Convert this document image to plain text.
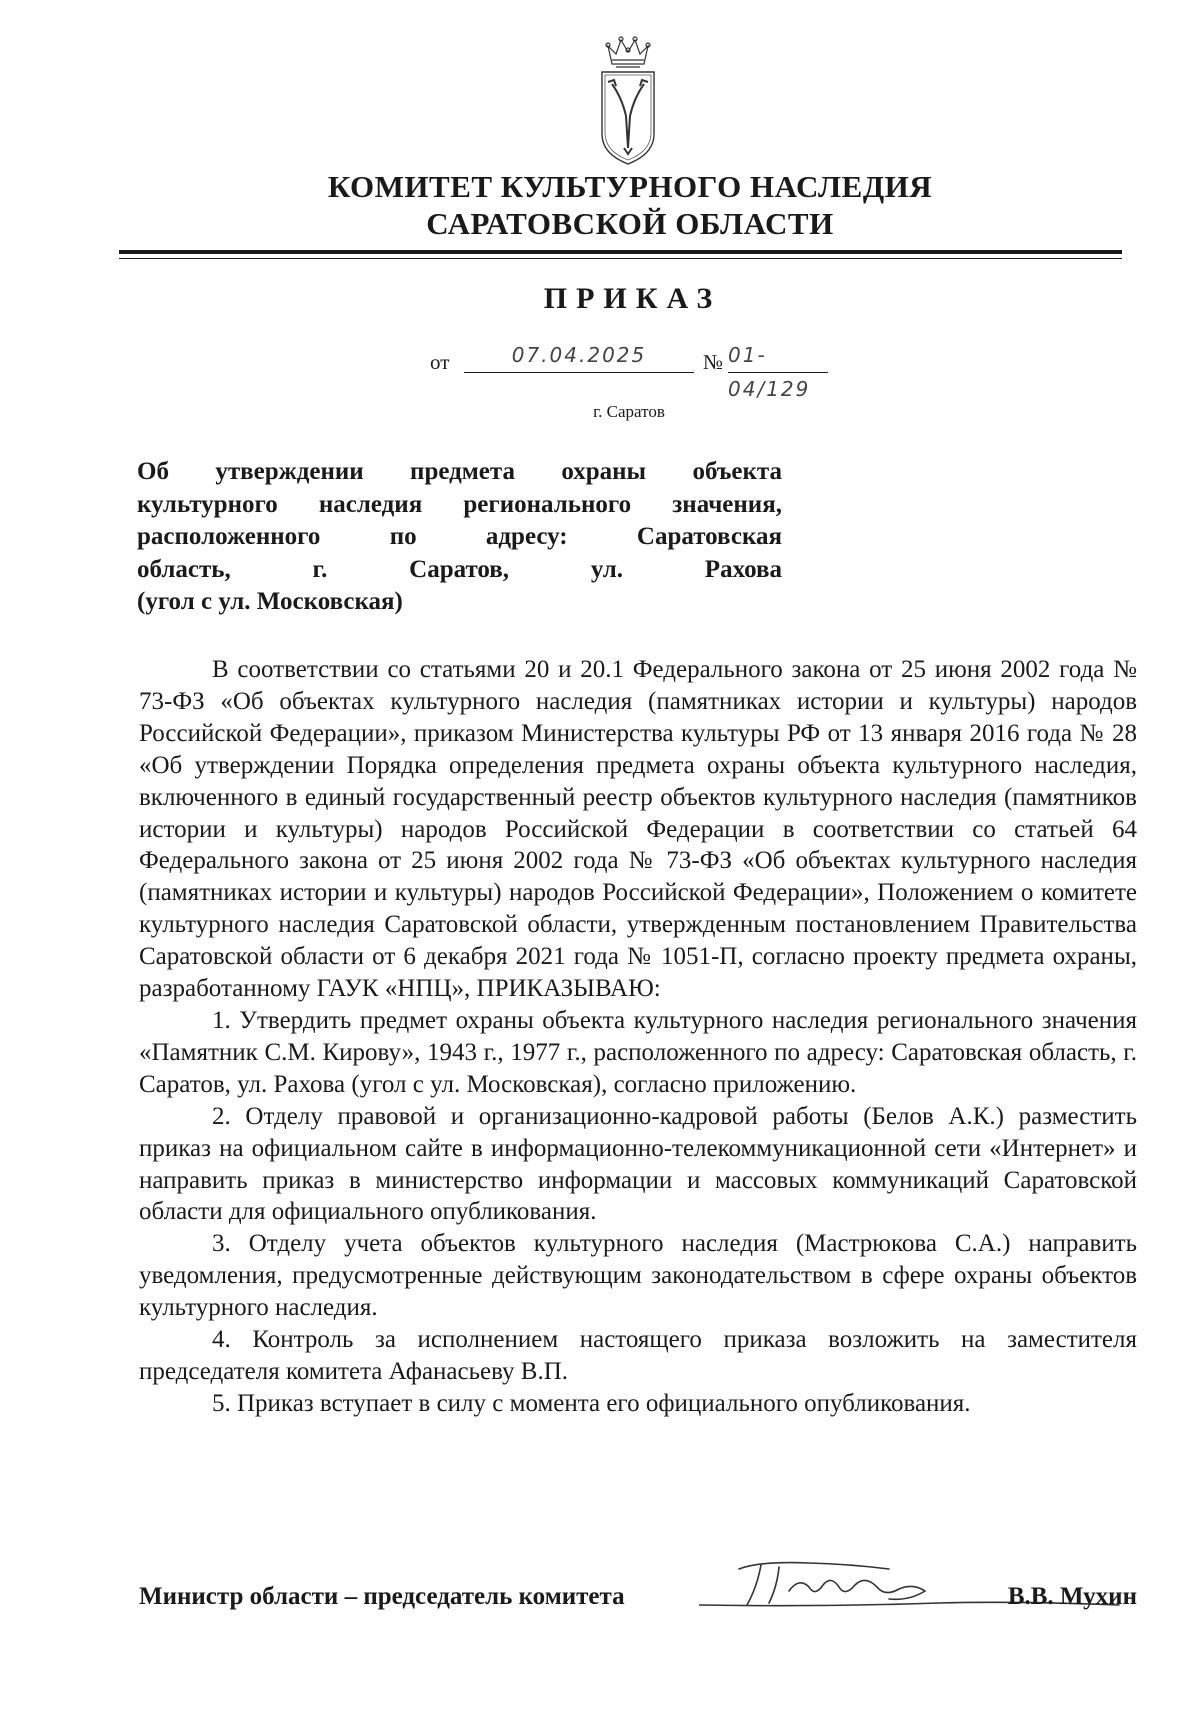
КОМИТЕТ КУЛЬТУРНОГО НАСЛЕДИЯ
САРАТОВСКОЙ ОБЛАСТИ
ПРИКАЗ
от	07.04.2025	№ 01-04/129
г. Саратов
Об утверждении предмета охраны объекта
культурного наследия регионального значения,
расположенного по адресу: Саратовская
область, г. Саратов, ул. Рахова
(угол с ул. Московская)

В соответствии со статьями 20 и 20.1 Федерального закона от 25 июня 2002 года № 73-ФЗ «Об объектах культурного наследия (памятниках истории и культуры) народов Российской Федерации», приказом Министерства культуры РФ от 13 января 2016 года № 28 «Об утверждении Порядка определения предмета охраны объекта культурного наследия, включенного в единый государственный реестр объектов культурного наследия (памятников истории и культуры) народов Российской Федерации в соответствии со статьей 64 Федерального закона от 25 июня 2002 года № 73-ФЗ «Об объектах культурного наследия (памятниках истории и культуры) народов Российской Федерации», Положением о комитете культурного наследия Саратовской области, утвержденным постановлением Правительства Саратовской области от 6 декабря 2021 года № 1051-П, согласно проекту предмета охраны, разработанному ГАУК «НПЦ», ПРИКАЗЫВАЮ:

1. Утвердить предмет охраны объекта культурного наследия регионального значения «Памятник С.М. Кирову», 1943 г., 1977 г., расположенного по адресу: Саратовская область, г. Саратов, ул. Рахова (угол с ул. Московская), согласно приложению.

2. Отделу правовой и организационно-кадровой работы (Белов А.К.) разместить приказ на официальном сайте в информационно-телекоммуникационной сети «Интернет» и направить приказ в министерство информации и массовых коммуникаций Саратовской области для официального опубликования.

3. Отделу учета объектов культурного наследия (Мастрюкова С.А.) направить уведомления, предусмотренные действующим законодательством в сфере охраны объектов культурного наследия.

4. Контроль за исполнением настоящего приказа возложить на заместителя председателя комитета Афанасьеву В.П.

5. Приказ вступает в силу с момента его официального опубликования.

Министр области – председатель комитета	В.В. Мухин
